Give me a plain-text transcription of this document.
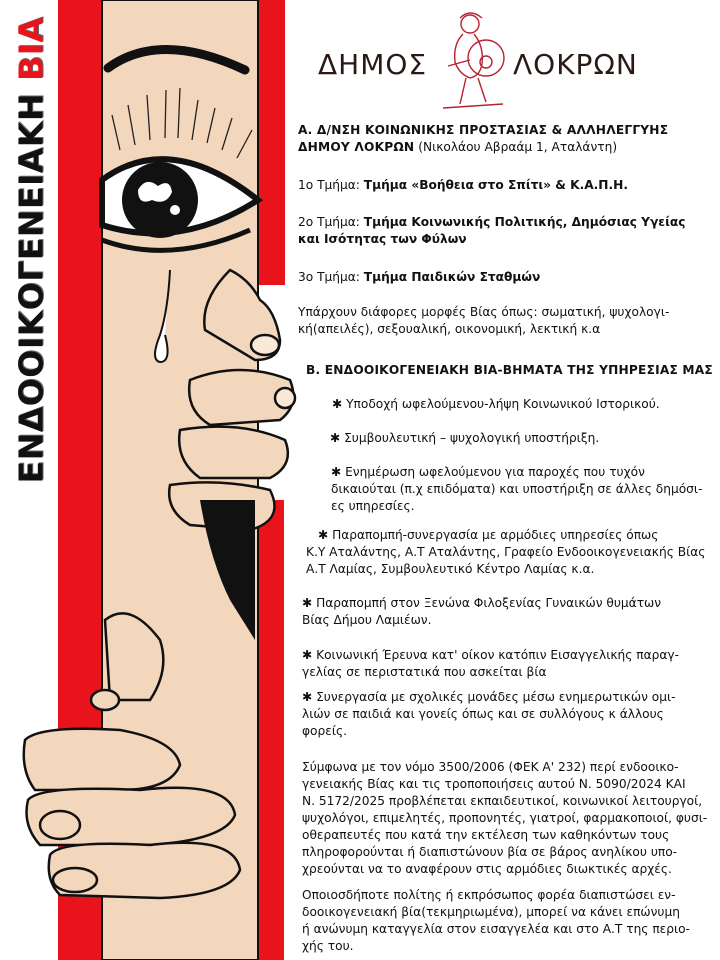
ΕΝΔΟΟΙΚΟΓΕΝΕΙΑΚΗ ΒΙΑ	ΔΗΜΟΣ	ΛΟΚΡΩΝ
Α. Δ/ΝΣΗ ΚΟΙΝΩΝΙΚΗΣ ΠΡΟΣΤΑΣΙΑΣ & ΑΛΛΗΛΕΓΓΥΗΣ
ΔΗΜΟΥ ΛΟΚΡΩΝ (Νικολάου Αβραάμ 1, Αταλάντη)
1ο Τμήμα: Τμήμα «Βοήθεια στο Σπίτι» & Κ.Α.Π.Η.
2ο Τμήμα: Τμήμα Κοινωνικής Πολιτικής, Δημόσιας Υγείας
και Ισότητας των Φύλων
3ο Τμήμα: Τμήμα Παιδικών Σταθμών
Υπάρχουν διάφορες μορφές Βίας όπως: σωματική, ψυχολογι-
κή(απειλές), σεξουαλική, οικονομική, λεκτική κ.α
Β. ΕΝΔΟΟΙΚΟΓΕΝΕΙΑΚΗ ΒΙΑ-ΒΗΜΑΤΑ ΤΗΣ ΥΠΗΡΕΣΙΑΣ ΜΑΣ
✱ Υποδοχή ωφελούμενου-λήψη Κοινωνικού Ιστορικού.
✱ Συμβουλευτική – ψυχολογική υποστήριξη.
✱ Ενημέρωση ωφελούμενου για παροχές που τυχόν
δικαιούται (π.χ επιδόματα) και υποστήριξη σε άλλες δημόσι-
ες υπηρεσίες.
✱ Παραπομπή-συνεργασία με αρμόδιες υπηρεσίες όπως
Κ.Υ Αταλάντης, Α.Τ Αταλάντης, Γραφείο Ενδοοικογενειακής Βίας
Α.Τ Λαμίας, Συμβουλευτικό Κέντρο Λαμίας κ.α.
✱ Παραπομπή στον Ξενώνα Φιλοξενίας Γυναικών θυμάτων
Βίας Δήμου Λαμιέων.
✱ Κοινωνική Έρευνα κατ' οίκον κατόπιν Εισαγγελικής παραγ-
γελίας σε περιστατικά που ασκείται βία
✱ Συνεργασία με σχολικές μονάδες μέσω ενημερωτικών ομι-
λιών σε παιδιά και γονείς όπως και σε συλλόγους κ άλλους
φορείς.
Σύμφωνα με τον νόμο 3500/2006 (ΦΕΚ Α' 232) περί ενδοοικο-
γενειακής Βίας και τις τροποποιήσεις αυτού Ν. 5090/2024 ΚΑΙ
Ν. 5172/2025 προβλέπεται εκπαιδευτικοί, κοινωνικοί λειτουργοί,
ψυχολόγοι, επιμελητές, προπονητές, γιατροί, φαρμακοποιοί, φυσι-
οθεραπευτές που κατά την εκτέλεση των καθηκόντων τους
πληροφορούνται ή διαπιστώνουν βία σε βάρος ανηλίκου υπο-
χρεούνται να το αναφέρουν στις αρμόδιες διωκτικές αρχές.
Οποιοσδήποτε πολίτης ή εκπρόσωπος φορέα διαπιστώσει εν-
δοοικογενειακή βία(τεκμηριωμένα), μπορεί να κάνει επώνυμη
ή ανώνυμη καταγγελία στον εισαγγελέα και στο Α.Τ της περιο-
χής του.
